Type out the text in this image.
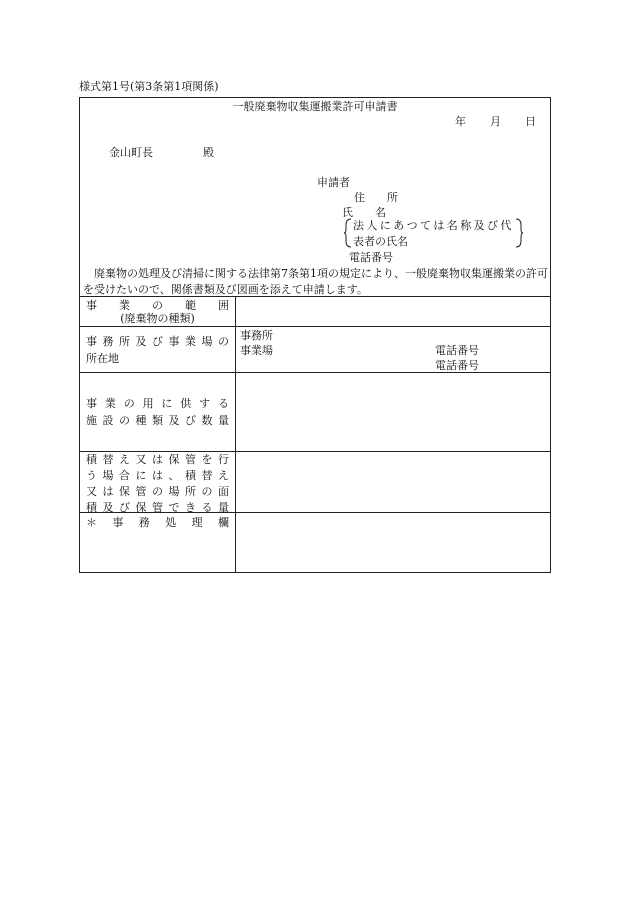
様式第1号(第3条第1項関係)
一般廃棄物収集運搬業許可申請書
年 月 日
金山町長	殿
申請者
住　　所
氏　　名
法人にあつては名称及び代
表者の氏名
電話番号
廃棄物の処理及び清掃に関する法律第7条第1項の規定により、一般廃棄物収集運搬業の許可を受けたいので、関係書類及び図画を添えて申請します。
事業の範囲
(廃棄物の種類)
事務所及び事業場の
所在地
事務所
事業場	電話番号
電話番号
事業の用に供する
施設の種類及び数量
積替え又は保管を行
う場合には、積替え
又は保管の場所の面
積及び保管できる量
＊事務処理欄
